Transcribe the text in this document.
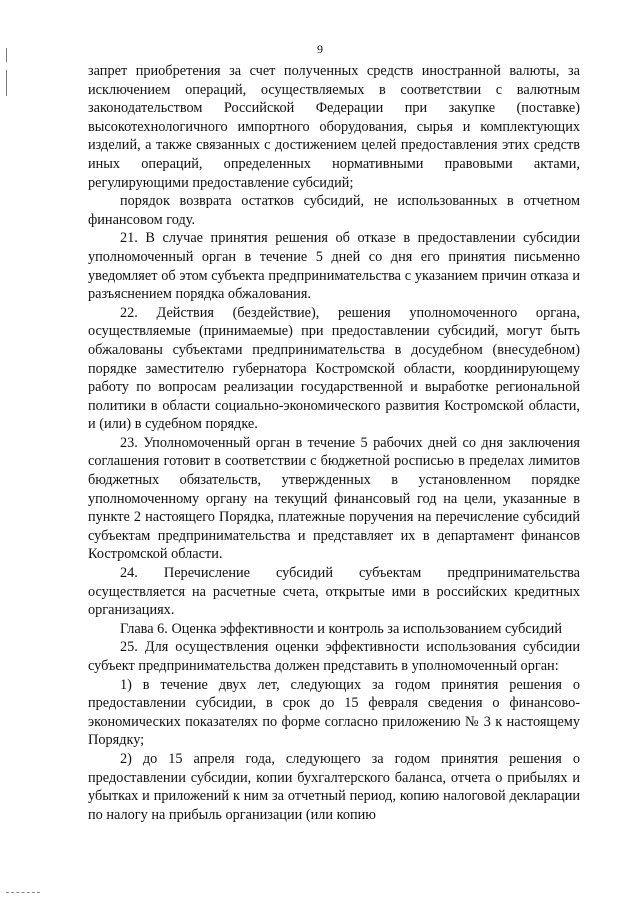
9

запрет приобретения за счет полученных средств иностранной валюты, за исключением операций, осуществляемых в соответствии с валютным законодательством Российской Федерации при закупке (поставке) высокотехнологичного импортного оборудования, сырья и комплектующих изделий, а также связанных с достижением целей предоставления этих средств иных операций, определенных нормативными правовыми актами, регулирующими предоставление субсидий;

порядок возврата остатков субсидий, не использованных в отчетном финансовом году.

21. В случае принятия решения об отказе в предоставлении субсидии уполномоченный орган в течение 5 дней со дня его принятия письменно уведомляет об этом субъекта предпринимательства с указанием причин отказа и разъяснением порядка обжалования.

22. Действия (бездействие), решения уполномоченного органа, осуществляемые (принимаемые) при предоставлении субсидий, могут быть обжалованы субъектами предпринимательства в досудебном (внесудебном) порядке заместителю губернатора Костромской области, координирующему работу по вопросам реализации государственной и выработке региональной политики в области социально-экономического развития Костромской области, и (или) в судебном порядке.

23. Уполномоченный орган в течение 5 рабочих дней со дня заключения соглашения готовит в соответствии с бюджетной росписью в пределах лимитов бюджетных обязательств, утвержденных в установленном порядке уполномоченному органу на текущий финансовый год на цели, указанные в пункте 2 настоящего Порядка, платежные поручения на перечисление субсидий субъектам предпринимательства и представляет их в департамент финансов Костромской области.

24. Перечисление субсидий субъектам предпринимательства осуществляется на расчетные счета, открытые ими в российских кредитных организациях.

Глава 6. Оценка эффективности и контроль за использованием субсидий

25. Для осуществления оценки эффективности использования субсидии субъект предпринимательства должен представить в уполномоченный орган:

1) в течение двух лет, следующих за годом принятия решения о предоставлении субсидии, в срок до 15 февраля сведения о финансово-экономических показателях по форме согласно приложению № 3 к настоящему Порядку;

2) до 15 апреля года, следующего за годом принятия решения о предоставлении субсидии, копии бухгалтерского баланса, отчета о прибылях и убытках и приложений к ним за отчетный период, копию налоговой декларации по налогу на прибыль организации (или копию
